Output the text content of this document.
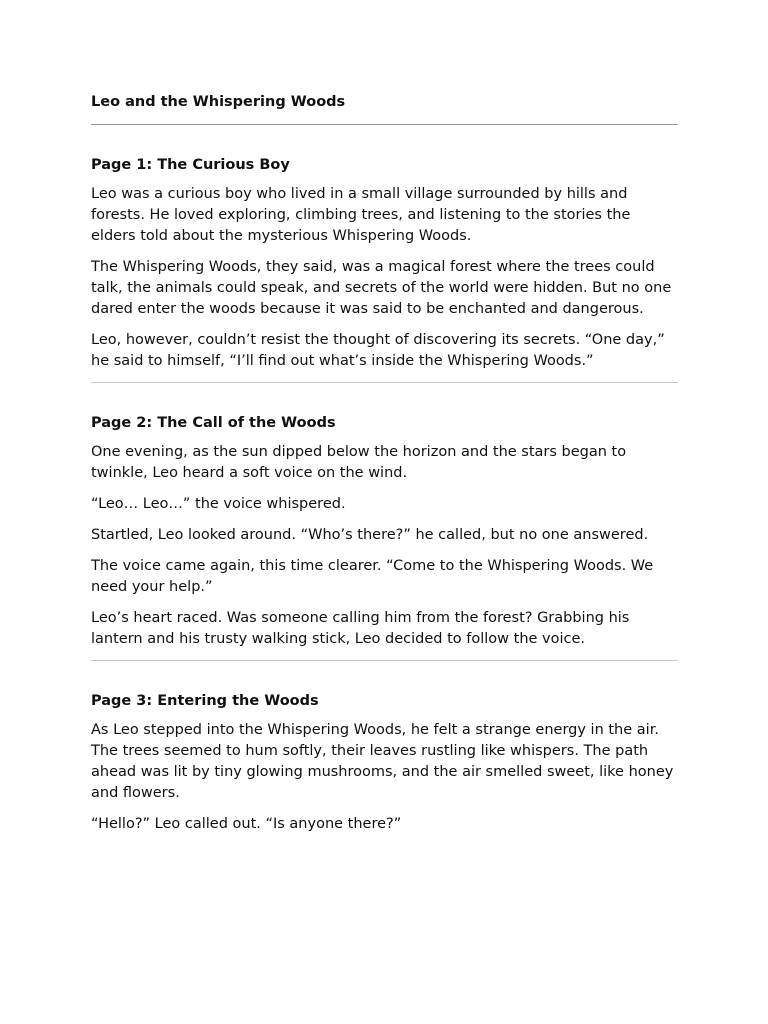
Leo and the Whispering Woods
Page 1: The Curious Boy

Leo was a curious boy who lived in a small village surrounded by hills and forests. He loved exploring, climbing trees, and listening to the stories the elders told about the mysterious Whispering Woods.

The Whispering Woods, they said, was a magical forest where the trees could talk, the animals could speak, and secrets of the world were hidden. But no one dared enter the woods because it was said to be enchanted and dangerous.

Leo, however, couldn’t resist the thought of discovering its secrets. “One day,” he said to himself, “I’ll find out what’s inside the Whispering Woods.”

Page 2: The Call of the Woods

One evening, as the sun dipped below the horizon and the stars began to twinkle, Leo heard a soft voice on the wind.

“Leo… Leo…” the voice whispered.

Startled, Leo looked around. “Who’s there?” he called, but no one answered.

The voice came again, this time clearer. “Come to the Whispering Woods. We need your help.”

Leo’s heart raced. Was someone calling him from the forest? Grabbing his lantern and his trusty walking stick, Leo decided to follow the voice.

Page 3: Entering the Woods

As Leo stepped into the Whispering Woods, he felt a strange energy in the air. The trees seemed to hum softly, their leaves rustling like whispers. The path ahead was lit by tiny glowing mushrooms, and the air smelled sweet, like honey and flowers.

“Hello?” Leo called out. “Is anyone there?”
